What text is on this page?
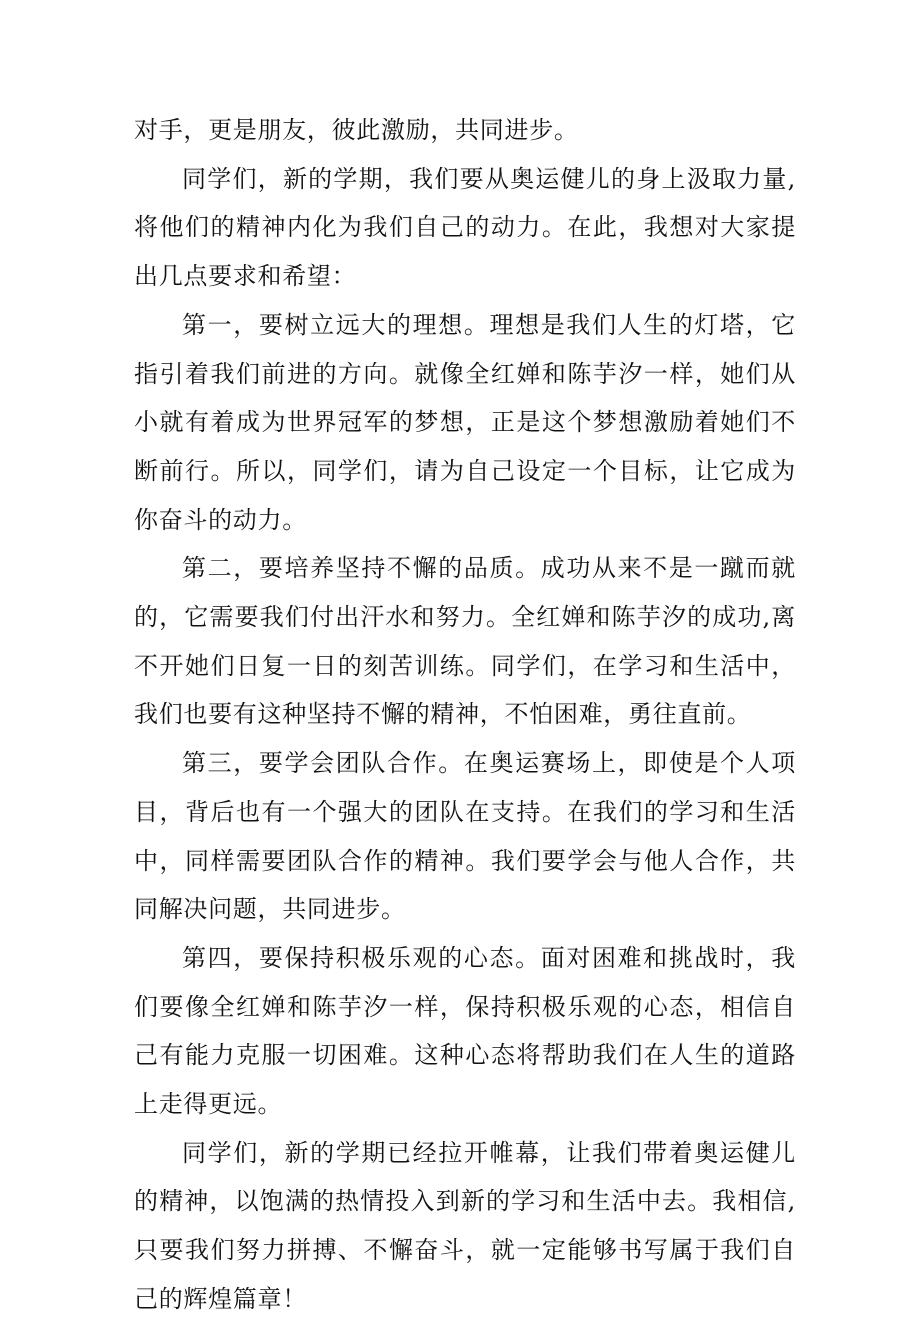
对手，更是朋友，彼此激励，共同进步。

同学们，新的学期，我们要从奥运健儿的身上汲取力量,将他们的精神内化为我们自己的动力。在此，我想对大家提出几点要求和希望：

第一，要树立远大的理想。理想是我们人生的灯塔，它指引着我们前进的方向。就像全红婵和陈芋汐一样，她们从小就有着成为世界冠军的梦想，正是这个梦想激励着她们不断前行。所以，同学们，请为自己设定一个目标，让它成为你奋斗的动力。

第二，要培养坚持不懈的品质。成功从来不是一蹴而就的，它需要我们付出汗水和努力。全红婵和陈芋汐的成功,离不开她们日复一日的刻苦训练。同学们，在学习和生活中，我们也要有这种坚持不懈的精神，不怕困难，勇往直前。

第三，要学会团队合作。在奥运赛场上，即使是个人项目，背后也有一个强大的团队在支持。在我们的学习和生活中，同样需要团队合作的精神。我们要学会与他人合作，共同解决问题，共同进步。

第四，要保持积极乐观的心态。面对困难和挑战时，我们要像全红婵和陈芋汐一样，保持积极乐观的心态，相信自己有能力克服一切困难。这种心态将帮助我们在人生的道路上走得更远。

同学们，新的学期已经拉开帷幕，让我们带着奥运健儿的精神，以饱满的热情投入到新的学习和生活中去。我相信,只要我们努力拼搏、不懈奋斗，就一定能够书写属于我们自己的辉煌篇章！
